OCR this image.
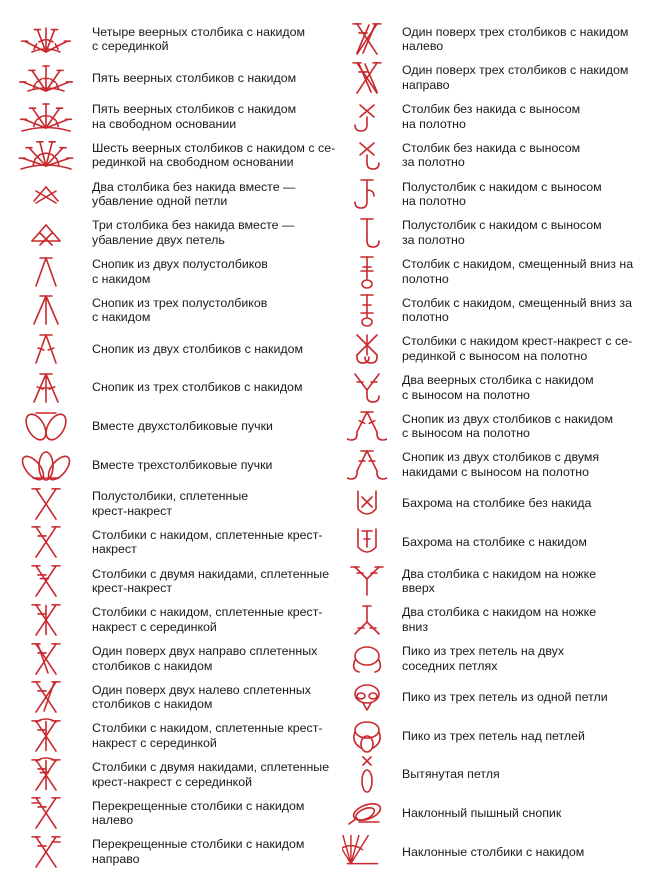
Четыре веерных столбика с накидом
с серединкой
Пять веерных столбиков с накидом
Пять веерных столбиков с накидом
на свободном основании
Шесть веерных столбиков с накидом с се-
рединкой на свободном основании
Два столбика без накида вместе —
убавление одной петли
Три столбика без накида вместе —
убавление двух петель
Снопик из двух полустолбиков
с накидом
Снопик из трех полустолбиков
с накидом
Снопик из двух столбиков с накидом
Снопик из трех столбиков с накидом
Вместе двухстолбиковые пучки
Вместе трехстолбиковые пучки
Полустолбики, сплетенные
крест-накрест
Столбики с накидом, сплетенные крест-
накрест
Столбики с двумя накидами, сплетенные
крест-накрест
Столбики с накидом, сплетенные крест-
накрест с серединкой
Один поверх двух направо сплетенных
столбиков с накидом
Один поверх двух налево сплетенных
столбиков с накидом
Столбики с накидом, сплетенные крест-
накрест с серединкой
Столбики с двумя накидами, сплетенные
крест-накрест с серединкой
Перекрещенные столбики с накидом
налево
Перекрещенные столбики с накидом
направо
Один поверх трех столбиков с накидом
налево
Один поверх трех столбиков с накидом
направо
Столбик без накида с выносом
на полотно
Столбик без накида с выносом
за полотно
Полустолбик с накидом с выносом
на полотно
Полустолбик с накидом с выносом
за полотно
Столбик с накидом, смещенный вниз на
полотно
Столбик с накидом, смещенный вниз за
полотно
Столбики с накидом крест-накрест с се-
рединкой с выносом на полотно
Два веерных столбика с накидом
с выносом на полотно
Снопик из двух столбиков с накидом
с выносом на полотно
Снопик из двух столбиков с двумя
накидами с выносом на полотно
Бахрома на столбике без накида
Бахрома на столбике с накидом
Два столбика с накидом на ножке
вверх
Два столбика с накидом на ножке
вниз
Пико из трех петель на двух
соседних петлях
Пико из трех петель из одной петли
Пико из трех петель над петлей
Вытянутая петля
Наклонный пышный снопик
Наклонные столбики с накидом
